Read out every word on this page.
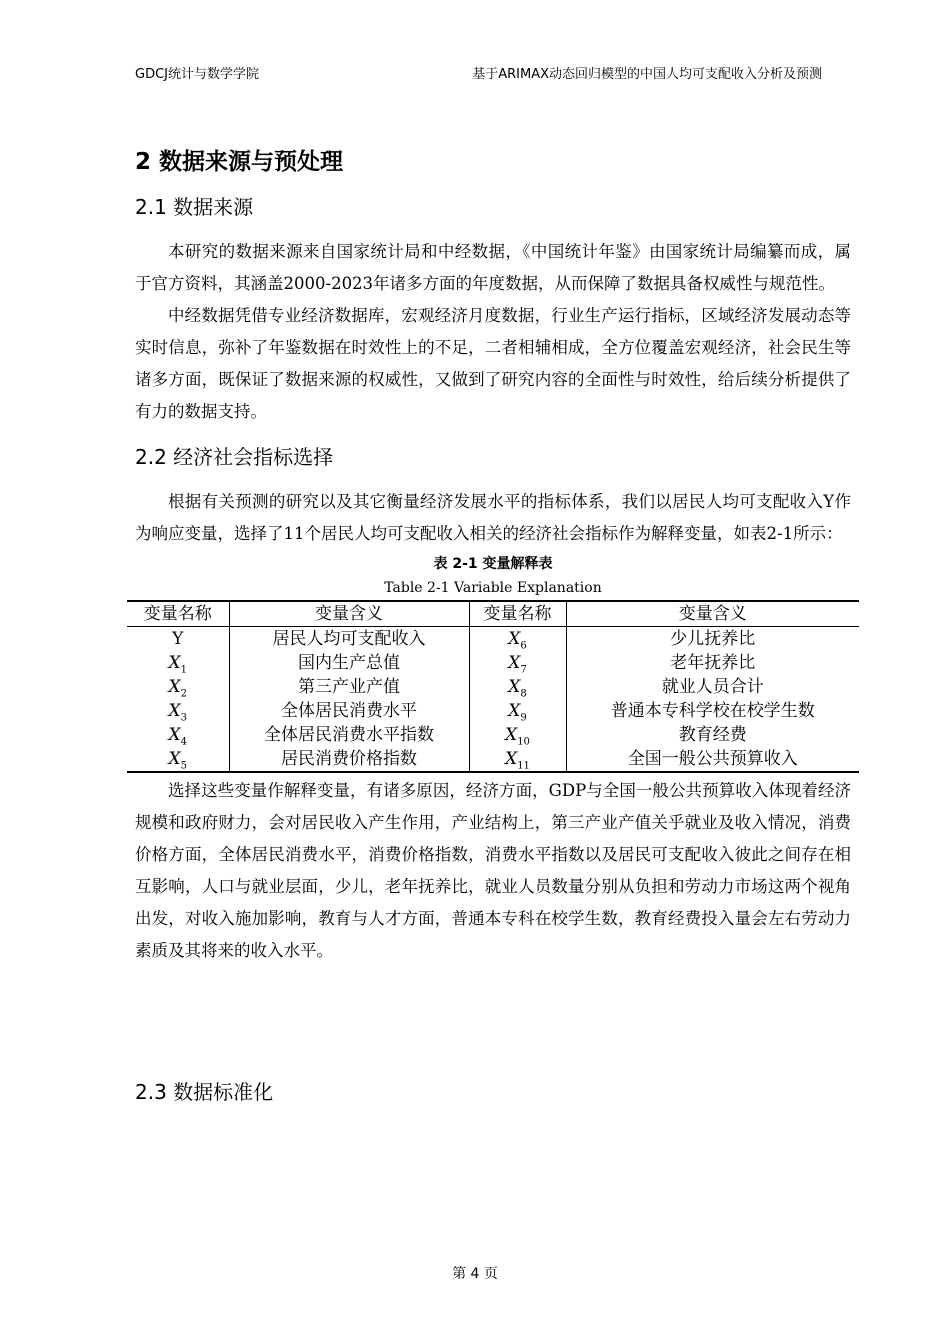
GDCJ统计与数学学院	基于ARIMAX动态回归模型的中国人均可支配收入分析及预测
2 数据来源与预处理
2.1 数据来源

本研究的数据来源来自国家统计局和中经数据，《中国统计年鉴》由国家统计局编纂而成，属于官方资料，其涵盖2000-2023年诸多方面的年度数据，从而保障了数据具备权威性与规范性。

中经数据凭借专业经济数据库，宏观经济月度数据，行业生产运行指标，区域经济发展动态等实时信息，弥补了年鉴数据在时效性上的不足，二者相辅相成，全方位覆盖宏观经济，社会民生等诸多方面，既保证了数据来源的权威性，又做到了研究内容的全面性与时效性，给后续分析提供了有力的数据支持。

2.2 经济社会指标选择

根据有关预测的研究以及其它衡量经济发展水平的指标体系，我们以居民人均可支配收入Y作为响应变量，选择了11个居民人均可支配收入相关的经济社会指标作为解释变量，如表2-1所示：

表 2-1 变量解释表
Table 2-1 Variable Explanation
变量名称	变量含义	变量名称	变量含义
Y	居民人均可支配收入	$X_6$	少儿抚养比
$X_1$	国内生产总值	$X_7$	老年抚养比
$X_2$	第三产业产值	$X_8$	就业人员合计
$X_3$	全体居民消费水平	$X_9$	普通本专科学校在校学生数
$X_4$	全体居民消费水平指数	$X_{10}$	教育经费
$X_5$	居民消费价格指数	$X_{11}$	全国一般公共预算收入

选择这些变量作解释变量，有诸多原因，经济方面，GDP与全国一般公共预算收入体现着经济规模和政府财力，会对居民收入产生作用，产业结构上，第三产业产值关乎就业及收入情况，消费价格方面，全体居民消费水平，消费价格指数，消费水平指数以及居民可支配收入彼此之间存在相互影响，人口与就业层面，少儿，老年抚养比，就业人员数量分别从负担和劳动力市场这两个视角出发，对收入施加影响，教育与人才方面，普通本专科在校学生数，教育经费投入量会左右劳动力素质及其将来的收入水平。

2.3 数据标准化
第 4 页
